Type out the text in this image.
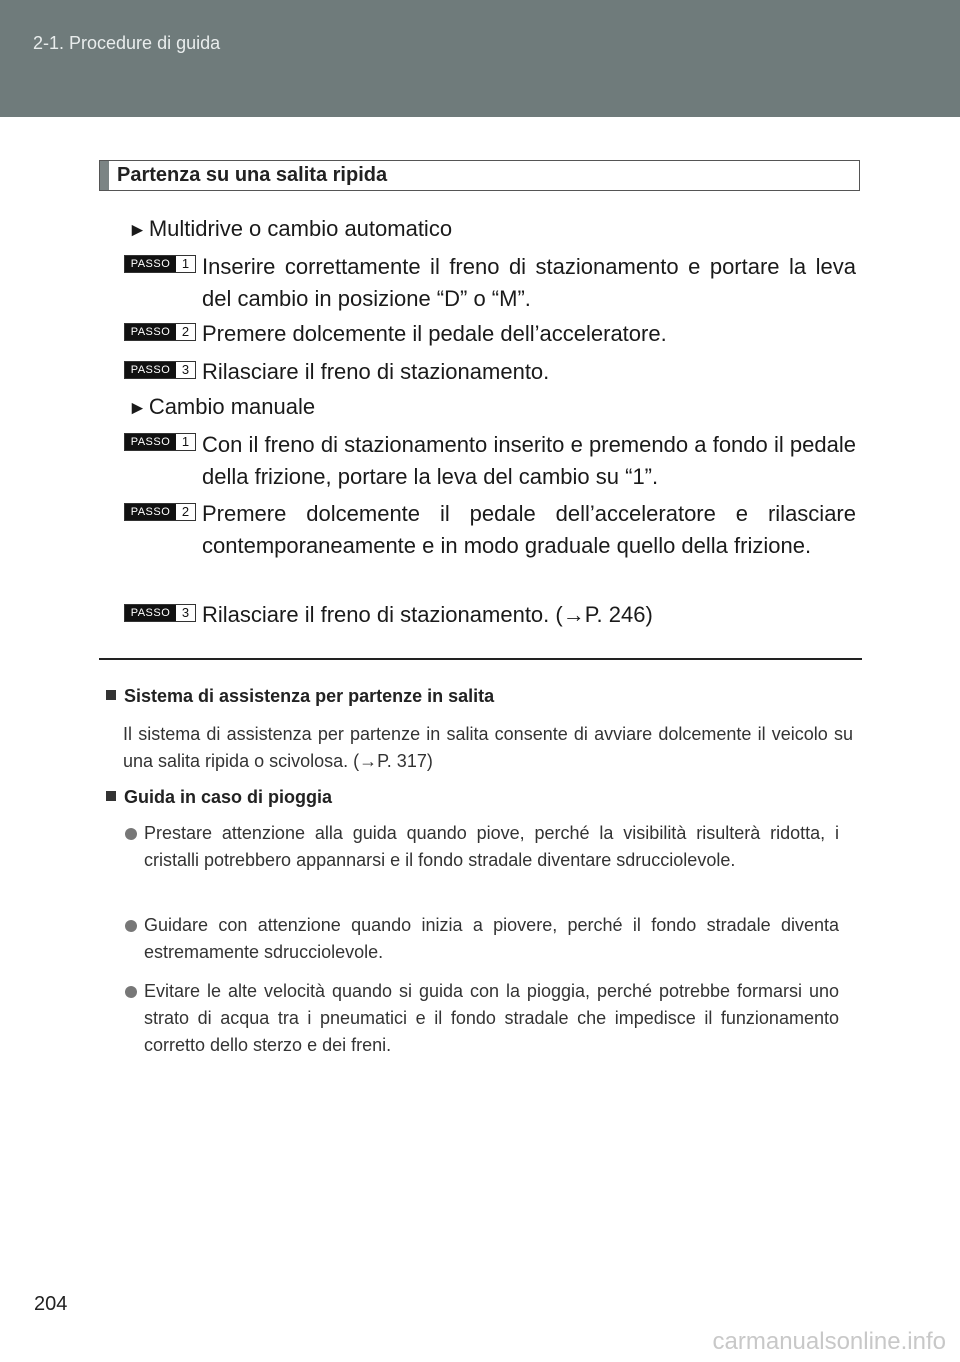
2-1. Procedure di guida
Partenza su una salita ripida
►Multidrive o cambio automatico
PASSO 1 Inserire correttamente il freno di stazionamento e portare la leva del cambio in posizione “D” o “M”.
PASSO 2 Premere dolcemente il pedale dell’acceleratore.
PASSO 3 Rilasciare il freno di stazionamento.
►Cambio manuale
PASSO 1 Con il freno di stazionamento inserito e premendo a fondo il pedale della frizione, portare la leva del cambio su “1”.
PASSO 2 Premere dolcemente il pedale dell’acceleratore e rilasciare contemporaneamente e in modo graduale quello della frizione.
PASSO 3 Rilasciare il freno di stazionamento. (→P. 246)
Sistema di assistenza per partenze in salita
Il sistema di assistenza per partenze in salita consente di avviare dolcemente il veicolo su una salita ripida o scivolosa. (→P. 317)
Guida in caso di pioggia
Prestare attenzione alla guida quando piove, perché la visibilità risulterà ridotta, i cristalli potrebbero appannarsi e il fondo stradale diventare sdrucciolevole.
Guidare con attenzione quando inizia a piovere, perché il fondo stradale diventa estremamente sdrucciolevole.
Evitare le alte velocità quando si guida con la pioggia, perché potrebbe formarsi uno strato di acqua tra i pneumatici e il fondo stradale che impedisce il funzionamento corretto dello sterzo e dei freni.
204
carmanualsonline.info
